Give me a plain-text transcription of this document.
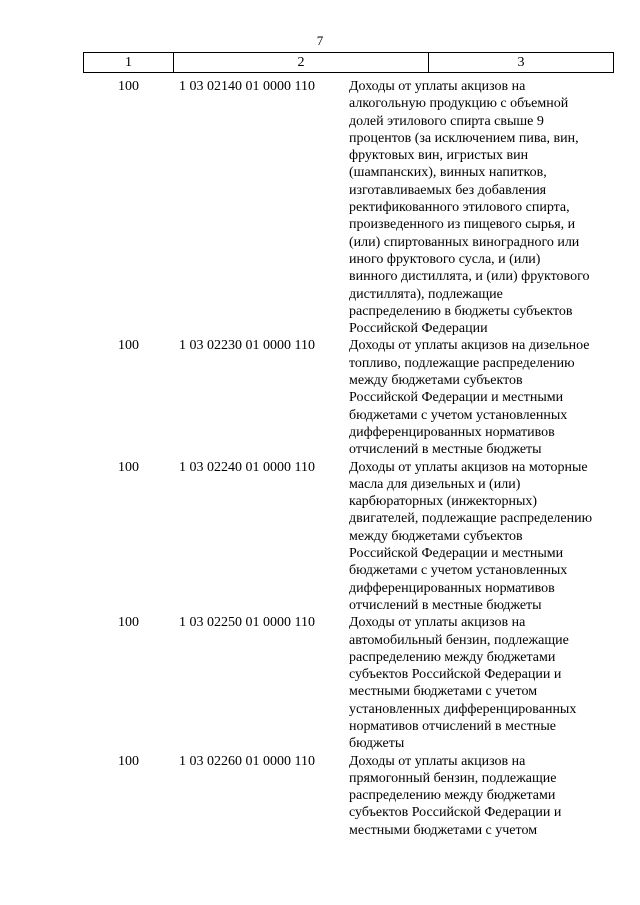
7
1	2	3
100	1 03 02140 01 0000 110	Доходы от уплаты акцизов на
алкогольную продукцию с объемной
долей этилового спирта свыше 9
процентов (за исключением пива, вин,
фруктовых вин, игристых вин
(шампанских), винных напитков,
изготавливаемых без добавления
ректификованного этилового спирта,
произведенного из пищевого сырья, и
(или) спиртованных виноградного или
иного фруктового сусла, и (или)
винного дистиллята, и (или) фруктового
дистиллята), подлежащие
распределению в бюджеты субъектов
Российской Федерации
100	1 03 02230 01 0000 110	Доходы от уплаты акцизов на дизельное
топливо, подлежащие распределению
между бюджетами субъектов
Российской Федерации и местными
бюджетами с учетом установленных
дифференцированных нормативов
отчислений в местные бюджеты
100	1 03 02240 01 0000 110	Доходы от уплаты акцизов на моторные
масла для дизельных и (или)
карбюраторных (инжекторных)
двигателей, подлежащие распределению
между бюджетами субъектов
Российской Федерации и местными
бюджетами с учетом установленных
дифференцированных нормативов
отчислений в местные бюджеты
100	1 03 02250 01 0000 110	Доходы от уплаты акцизов на
автомобильный бензин, подлежащие
распределению между бюджетами
субъектов Российской Федерации и
местными бюджетами с учетом
установленных дифференцированных
нормативов отчислений в местные
бюджеты
100	1 03 02260 01 0000 110	Доходы от уплаты акцизов на
прямогонный бензин, подлежащие
распределению между бюджетами
субъектов Российской Федерации и
местными бюджетами с учетом
